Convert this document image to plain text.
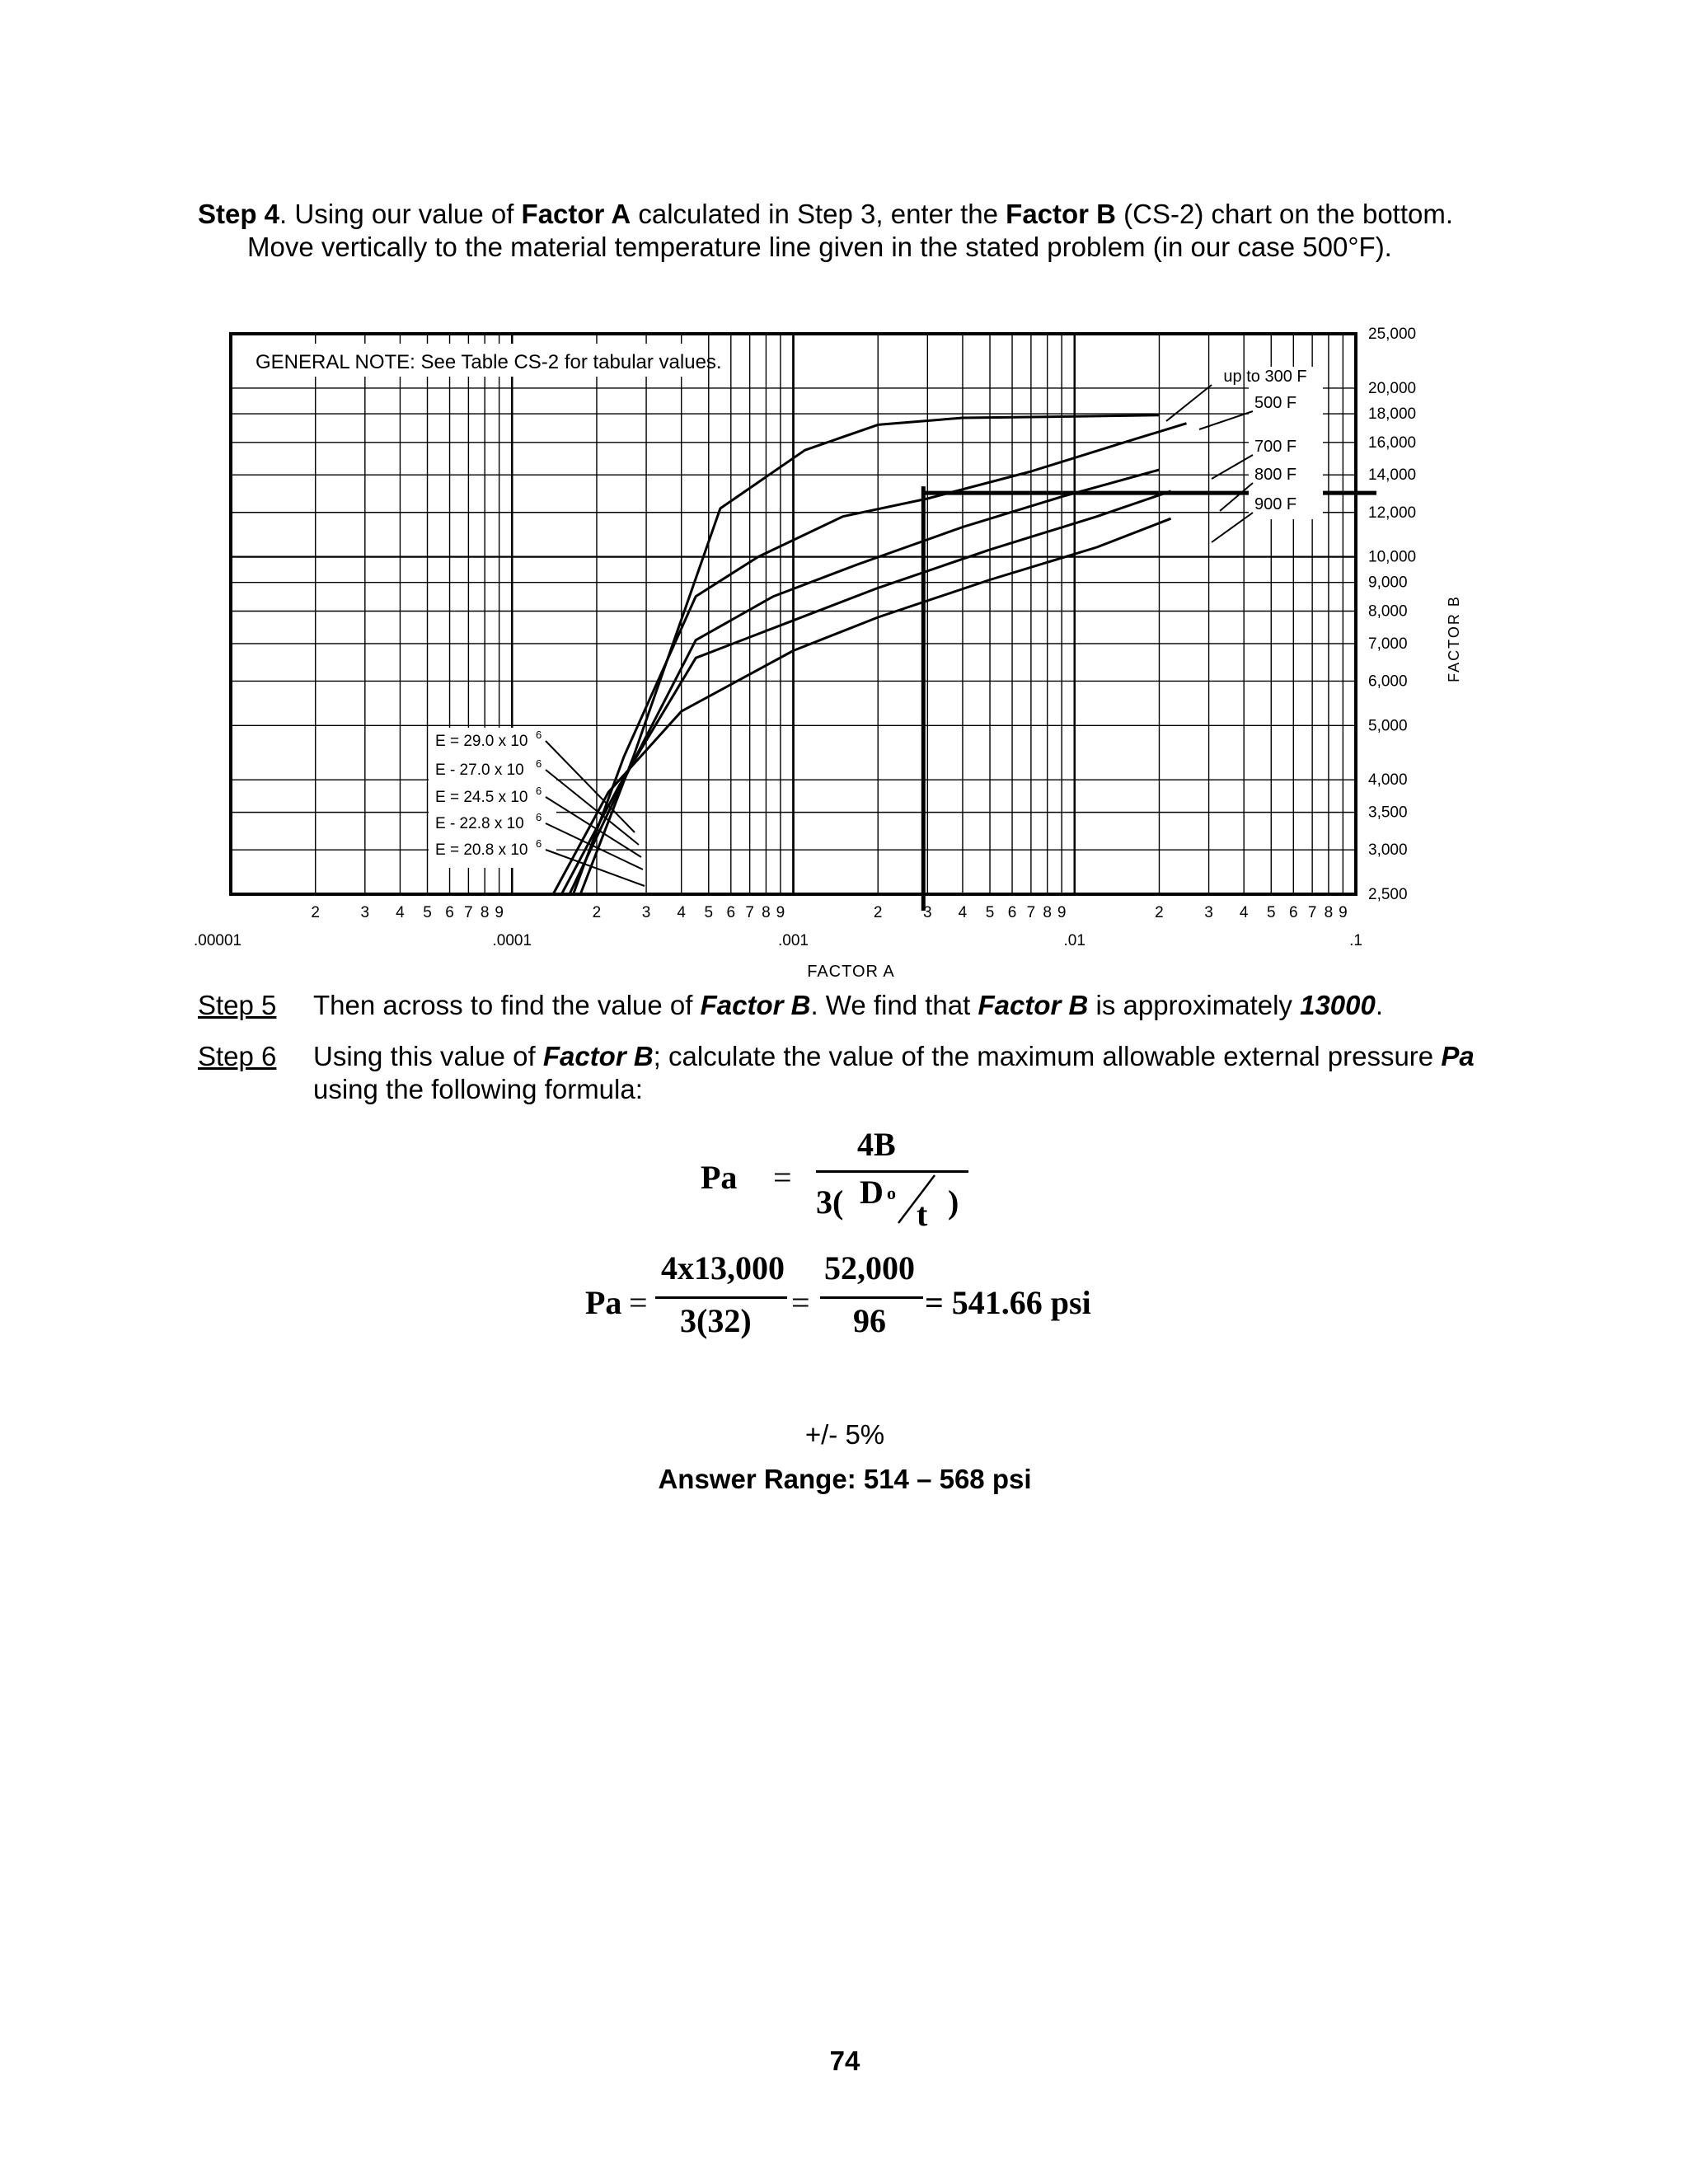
Step 4. Using our value of Factor A calculated in Step 3, enter the Factor B (CS-2) chart on the bottom.
Move vertically to the material temperature line given in the stated problem (in our case 500°F).
GENERAL NOTE: See Table CS-2 for tabular values.
up to 300 F
500 F
700 F
800 F
900 F
E = 29.0 x 10 6
E - 27.0 x 10 6
E = 24.5 x 10 6
E - 22.8 x 10 6
E = 20.8 x 10 6
2	3 4 5 6 7 8 9	2	3 4 5 6 7 8 9	2	3 4 5 6 7 8 9	2	3 4 5 6 7 8 9
.00001	.0001	.001	.01	.1
FACTOR A
25,000
20,000
18,000
16,000
14,000
12,000
10,000
9,000
8,000
7,000
6,000
5,000
4,000
3,500
3,000
2,500
FACTOR B
Step 5 Then across to find the value of Factor B. We find that Factor B is approximately 13000.
Step 6 Using this value of Factor B; calculate the value of the maximum allowable external pressure Pa
using the following formula:
Pa =
4B
3( D o
t )
Pa =
4x13,000
3(32) =
52,000
96 = 541.66 psi
+/- 5%
Answer Range: 514 – 568 psi
74
